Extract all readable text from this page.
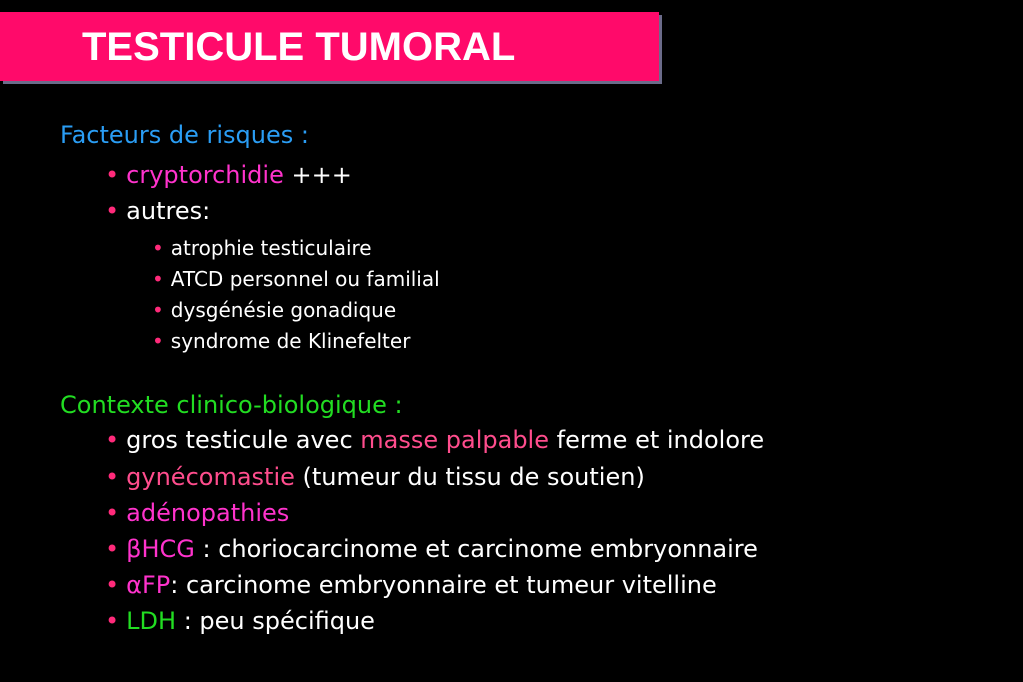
TESTICULE TUMORAL
Facteurs de risques :
• cryptorchidie +++
• autres:
• atrophie testiculaire
• ATCD personnel ou familial
• dysgénésie gonadique
• syndrome de Klinefelter
Contexte clinico-biologique :
• gros testicule avec masse palpable ferme et indolore
• gynécomastie (tumeur du tissu de soutien)
• adénopathies
• βHCG : choriocarcinome et carcinome embryonnaire
• αFP: carcinome embryonnaire et tumeur vitelline
• LDH : peu spécifique
